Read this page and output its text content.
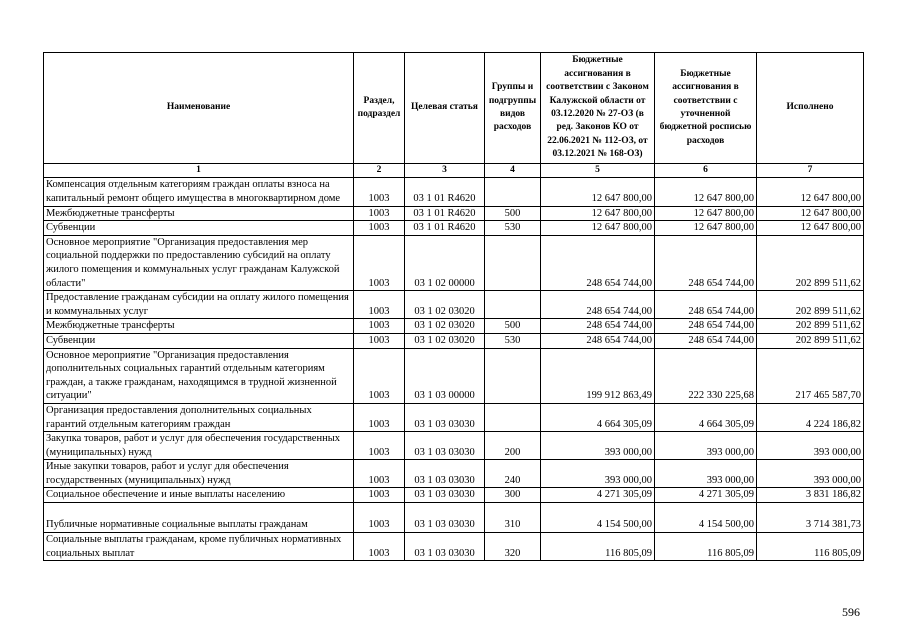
Наименование	Раздел, подраздел	Целевая статья	Группы и подгруппы видов расходов	Бюджетные ассигнования в соответствии с Законом Калужской области от 03.12.2020 № 27-ОЗ (в ред. Законов КО от 22.06.2021 № 112-ОЗ, от 03.12.2021 № 168-ОЗ)	Бюджетные ассигнования в соответствии с уточненной бюджетной росписью расходов	Исполнено
1	2	3	4	5	6	7
Компенсация отдельным категориям граждан оплаты взноса на капитальный ремонт общего имущества в многоквартирном доме	1003	03 1 01 R4620		12 647 800,00	12 647 800,00	12 647 800,00
Межбюджетные трансферты	1003	03 1 01 R4620	500	12 647 800,00	12 647 800,00	12 647 800,00
Субвенции	1003	03 1 01 R4620	530	12 647 800,00	12 647 800,00	12 647 800,00
Основное мероприятие "Организация предоставления мер социальной поддержки по предоставлению субсидий на оплату жилого помещения и коммунальных услуг гражданам Калужской области"	1003	03 1 02 00000		248 654 744,00	248 654 744,00	202 899 511,62
Предоставление гражданам субсидии на оплату жилого помещения и коммунальных услуг	1003	03 1 02 03020		248 654 744,00	248 654 744,00	202 899 511,62
Межбюджетные трансферты	1003	03 1 02 03020	500	248 654 744,00	248 654 744,00	202 899 511,62
Субвенции	1003	03 1 02 03020	530	248 654 744,00	248 654 744,00	202 899 511,62
Основное мероприятие "Организация предоставления дополнительных социальных гарантий отдельным категориям граждан, а также гражданам, находящимся в трудной жизненной ситуации"	1003	03 1 03 00000		199 912 863,49	222 330 225,68	217 465 587,70
Организация предоставления дополнительных социальных гарантий отдельным категориям граждан	1003	03 1 03 03030		4 664 305,09	4 664 305,09	4 224 186,82
Закупка товаров, работ и услуг для обеспечения государственных (муниципальных) нужд	1003	03 1 03 03030	200	393 000,00	393 000,00	393 000,00
Иные закупки товаров, работ и услуг для обеспечения государственных (муниципальных) нужд	1003	03 1 03 03030	240	393 000,00	393 000,00	393 000,00
Социальное обеспечение и иные выплаты населению	1003	03 1 03 03030	300	4 271 305,09	4 271 305,09	3 831 186,82
Публичные нормативные социальные выплаты гражданам	1003	03 1 03 03030	310	4 154 500,00	4 154 500,00	3 714 381,73
Социальные выплаты гражданам, кроме публичных нормативных социальных выплат	1003	03 1 03 03030	320	116 805,09	116 805,09	116 805,09
596
